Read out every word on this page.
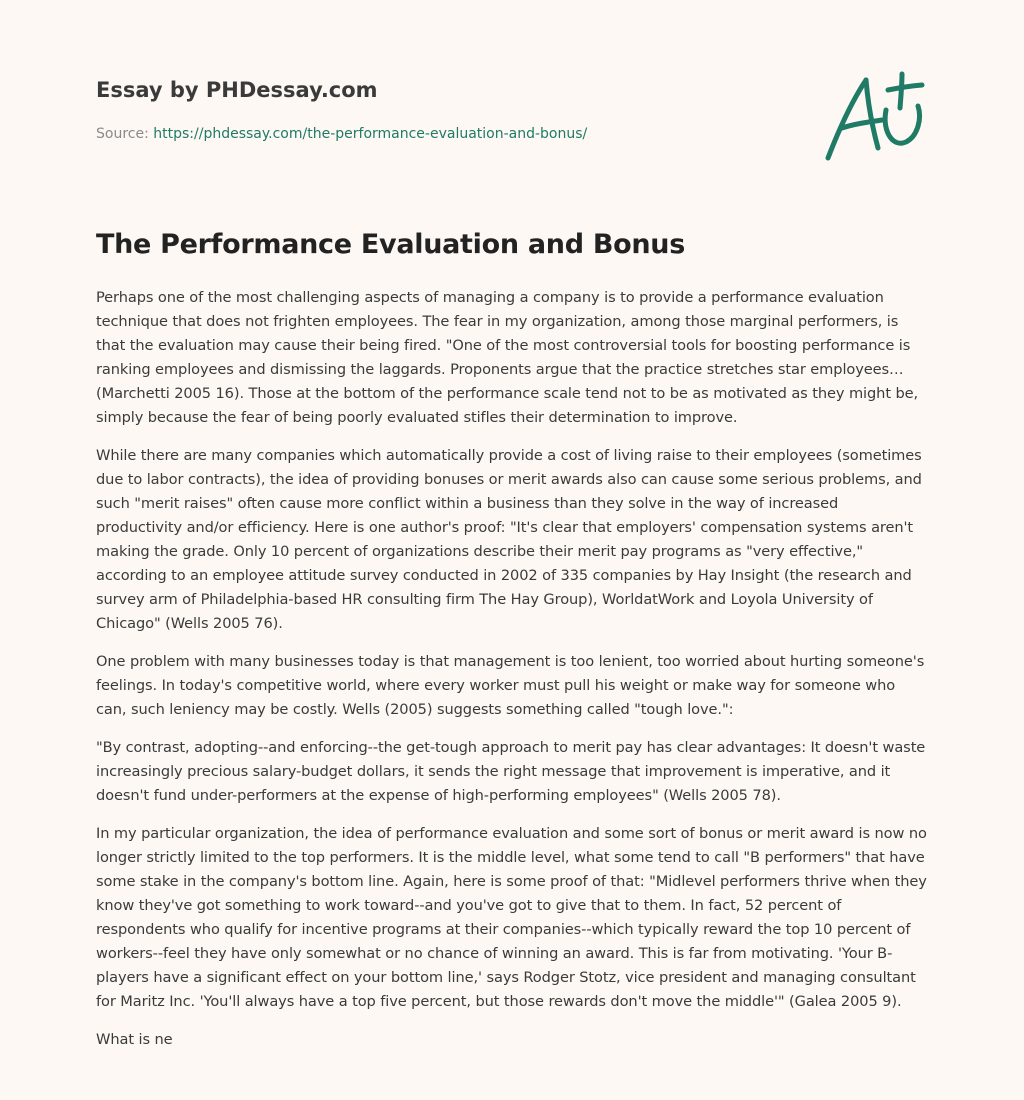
Essay by PHDessay.com
Source: https://phdessay.com/the-performance-evaluation-and-bonus/
The Performance Evaluation and Bonus

Perhaps one of the most challenging aspects of managing a company is to provide a performance evaluation technique that does not frighten employees. The fear in my organization, among those marginal performers, is that the evaluation may cause their being fired. "One of the most controversial tools for boosting performance is ranking employees and dismissing the laggards. Proponents argue that the practice stretches star employees… (Marchetti 2005 16). Those at the bottom of the performance scale tend not to be as motivated as they might be, simply because the fear of being poorly evaluated stifles their determination to improve.

While there are many companies which automatically provide a cost of living raise to their employees (sometimes due to labor contracts), the idea of providing bonuses or merit awards also can cause some serious problems, and such "merit raises" often cause more conflict within a business than they solve in the way of increased productivity and/or efficiency. Here is one author's proof: "It's clear that employers' compensation systems aren't making the grade. Only 10 percent of organizations describe their merit pay programs as "very effective," according to an employee attitude survey conducted in 2002 of 335 companies by Hay Insight (the research and survey arm of Philadelphia-based HR consulting firm The Hay Group), WorldatWork and Loyola University of Chicago" (Wells 2005 76).

One problem with many businesses today is that management is too lenient, too worried about hurting someone's feelings. In today's competitive world, where every worker must pull his weight or make way for someone who can, such leniency may be costly. Wells (2005) suggests something called "tough love.":

"By contrast, adopting--and enforcing--the get-tough approach to merit pay has clear advantages: It doesn't waste increasingly precious salary-budget dollars, it sends the right message that improvement is imperative, and it doesn't fund under-performers at the expense of high-performing employees" (Wells 2005 78).

In my particular organization, the idea of performance evaluation and some sort of bonus or merit award is now no longer strictly limited to the top performers. It is the middle level, what some tend to call "B performers" that have some stake in the company's bottom line. Again, here is some proof of that: "Midlevel performers thrive when they know they've got something to work toward--and you've got to give that to them. In fact, 52 percent of respondents who qualify for incentive programs at their companies--which typically reward the top 10 percent of workers--feel they have only somewhat or no chance of winning an award. This is far from motivating. 'Your B-players have a significant effect on your bottom line,' says Rodger Stotz, vice president and managing consultant for Maritz Inc. 'You'll always have a top five percent, but those rewards don't move the middle'" (Galea 2005 9).

What is ne
